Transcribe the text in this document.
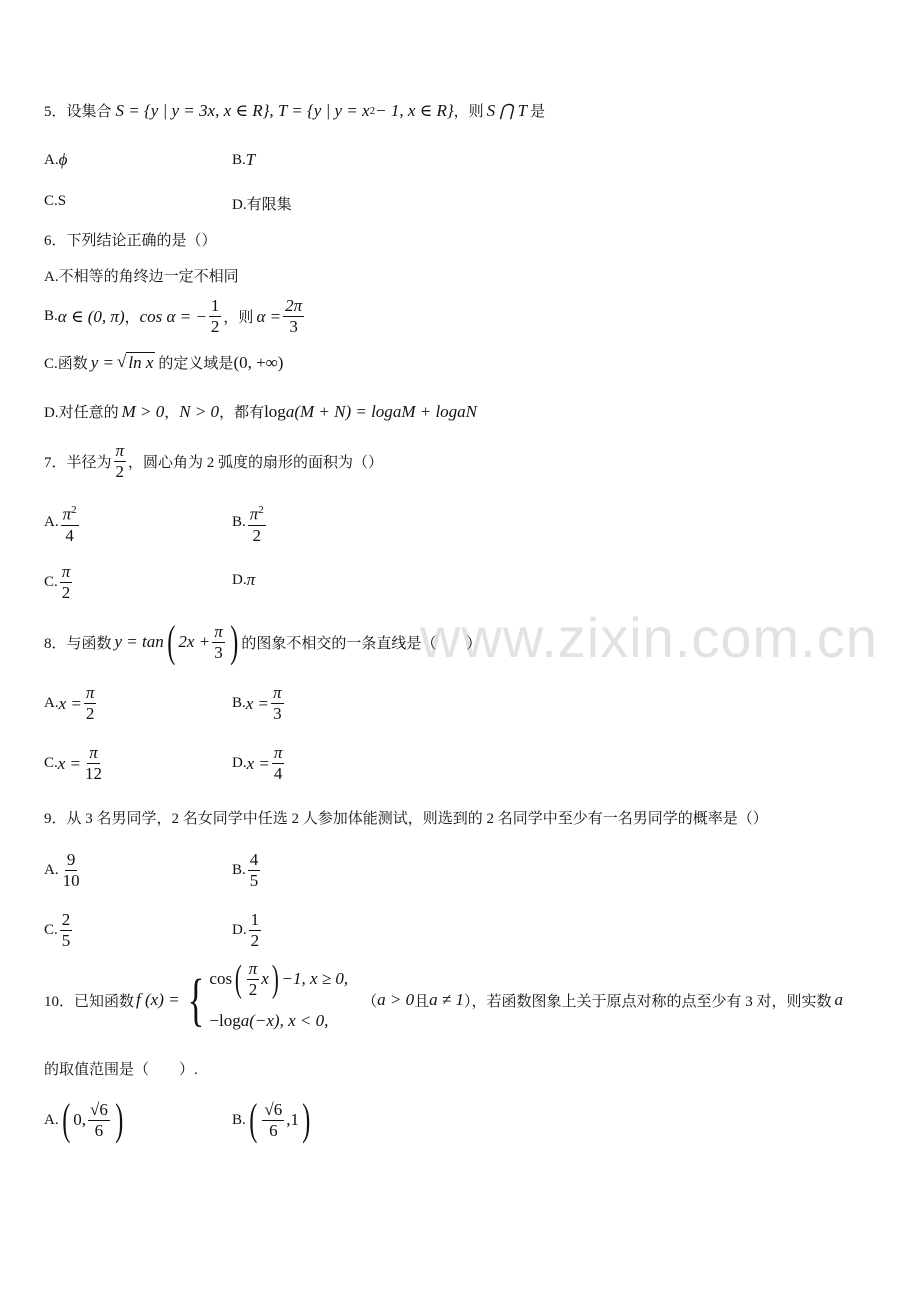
www.zixin.com.cn
5．设集合 S = {y | y = 3 x , x ∈ R}, T = {y | y = x 2 − 1, x ∈ R} ，则 S ⋂ T 是
A. ϕ	B. T
C.S	D.有限集
6．下列结论正确的是（）
A.不相等的角终边一定不相同
B. α ∈ (0, π) ， cos α = − $\frac{1}{2}$ ，则 $\alpha = \frac{2\pi}{3}$
C.函数 y = √ ln x 的定义域是 (0, +∞)
D.对任意的 M > 0 ， N > 0 ，都有 log a (M + N) = log a M + log a N
7．半径为 $\frac{\pi}{2}$ ，圆心角为 2 弧度的扇形的面积为（）
A. $\frac{\pi^2}{4}$	B. $\frac{\pi^2}{2}$
C. $\frac{\pi}{2}$	D. π
8．与函数 y = tan ( $2x + \frac{\pi}{3}$ ) 的图象不相交的一条直线是（　　）
A. $x = \frac{\pi}{2}$	B. $x = \frac{\pi}{3}$
C. $x = \frac{\pi}{12}$	D. $x = \frac{\pi}{4}$
9．从 3 名男同学，2 名女同学中任选 2 人参加体能测试，则选到的 2 名同学中至少有一名男同学的概率是（）
A. $\frac{9}{10}$	B. $\frac{4}{5}$
C. $\frac{2}{5}$	D. $\frac{1}{2}$
10．已知函数 f (x) = { cos ( $\frac{\pi}{2}$ x ) −1, x ≥ 0,
−log a (−x), x < 0,
（ a > 0 且 a ≠ 1 ），若函数图象上关于原点对称的点至少有 3 对，则实数 a
的取值范围是（　　）.
A. ( 0, $\frac{√6}{6}$ )	B. ( $\frac{√6}{6} ,1$ )
